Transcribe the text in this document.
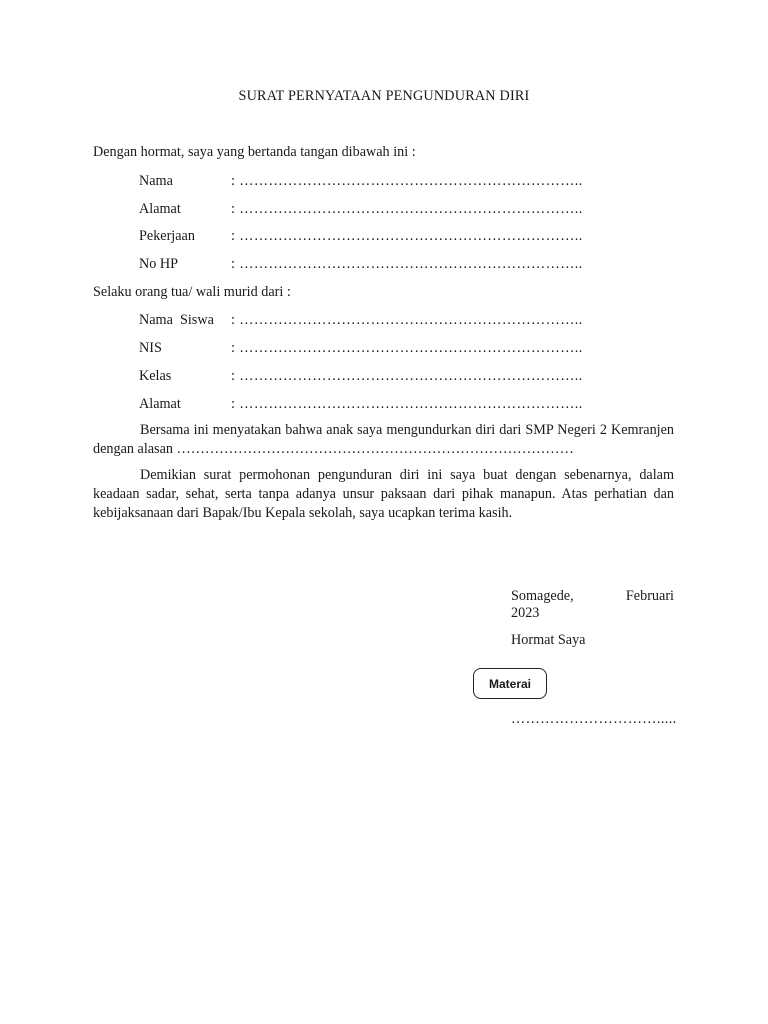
SURAT PERNYATAAN PENGUNDURAN DIRI
Dengan hormat, saya yang bertanda tangan dibawah ini :
Nama	: ……………………………………………………………..
Alamat	: ……………………………………………………………..
Pekerjaan	: ……………………………………………………………..
No HP	: ……………………………………………………………..
Selaku orang tua/ wali murid dari :
Nama  Siswa : ……………………………………………………………..
NIS	: ……………………………………………………………..
Kelas	: ……………………………………………………………..
Alamat	: ……………………………………………………………..
Bersama ini menyatakan bahwa anak saya mengundurkan diri dari SMP Negeri 2 Kemranjen dengan alasan …………………………………………………………………………
Demikian surat permohonan pengunduran diri ini saya buat dengan sebenarnya, dalam keadaan sadar, sehat, serta tanpa adanya unsur paksaan dari pihak manapun. Atas perhatian dan kebijaksanaan dari Bapak/Ibu Kepala sekolah, saya ucapkan terima kasih.
Somagede,	Februari
2023
Hormat Saya
Materai
………………………….....
